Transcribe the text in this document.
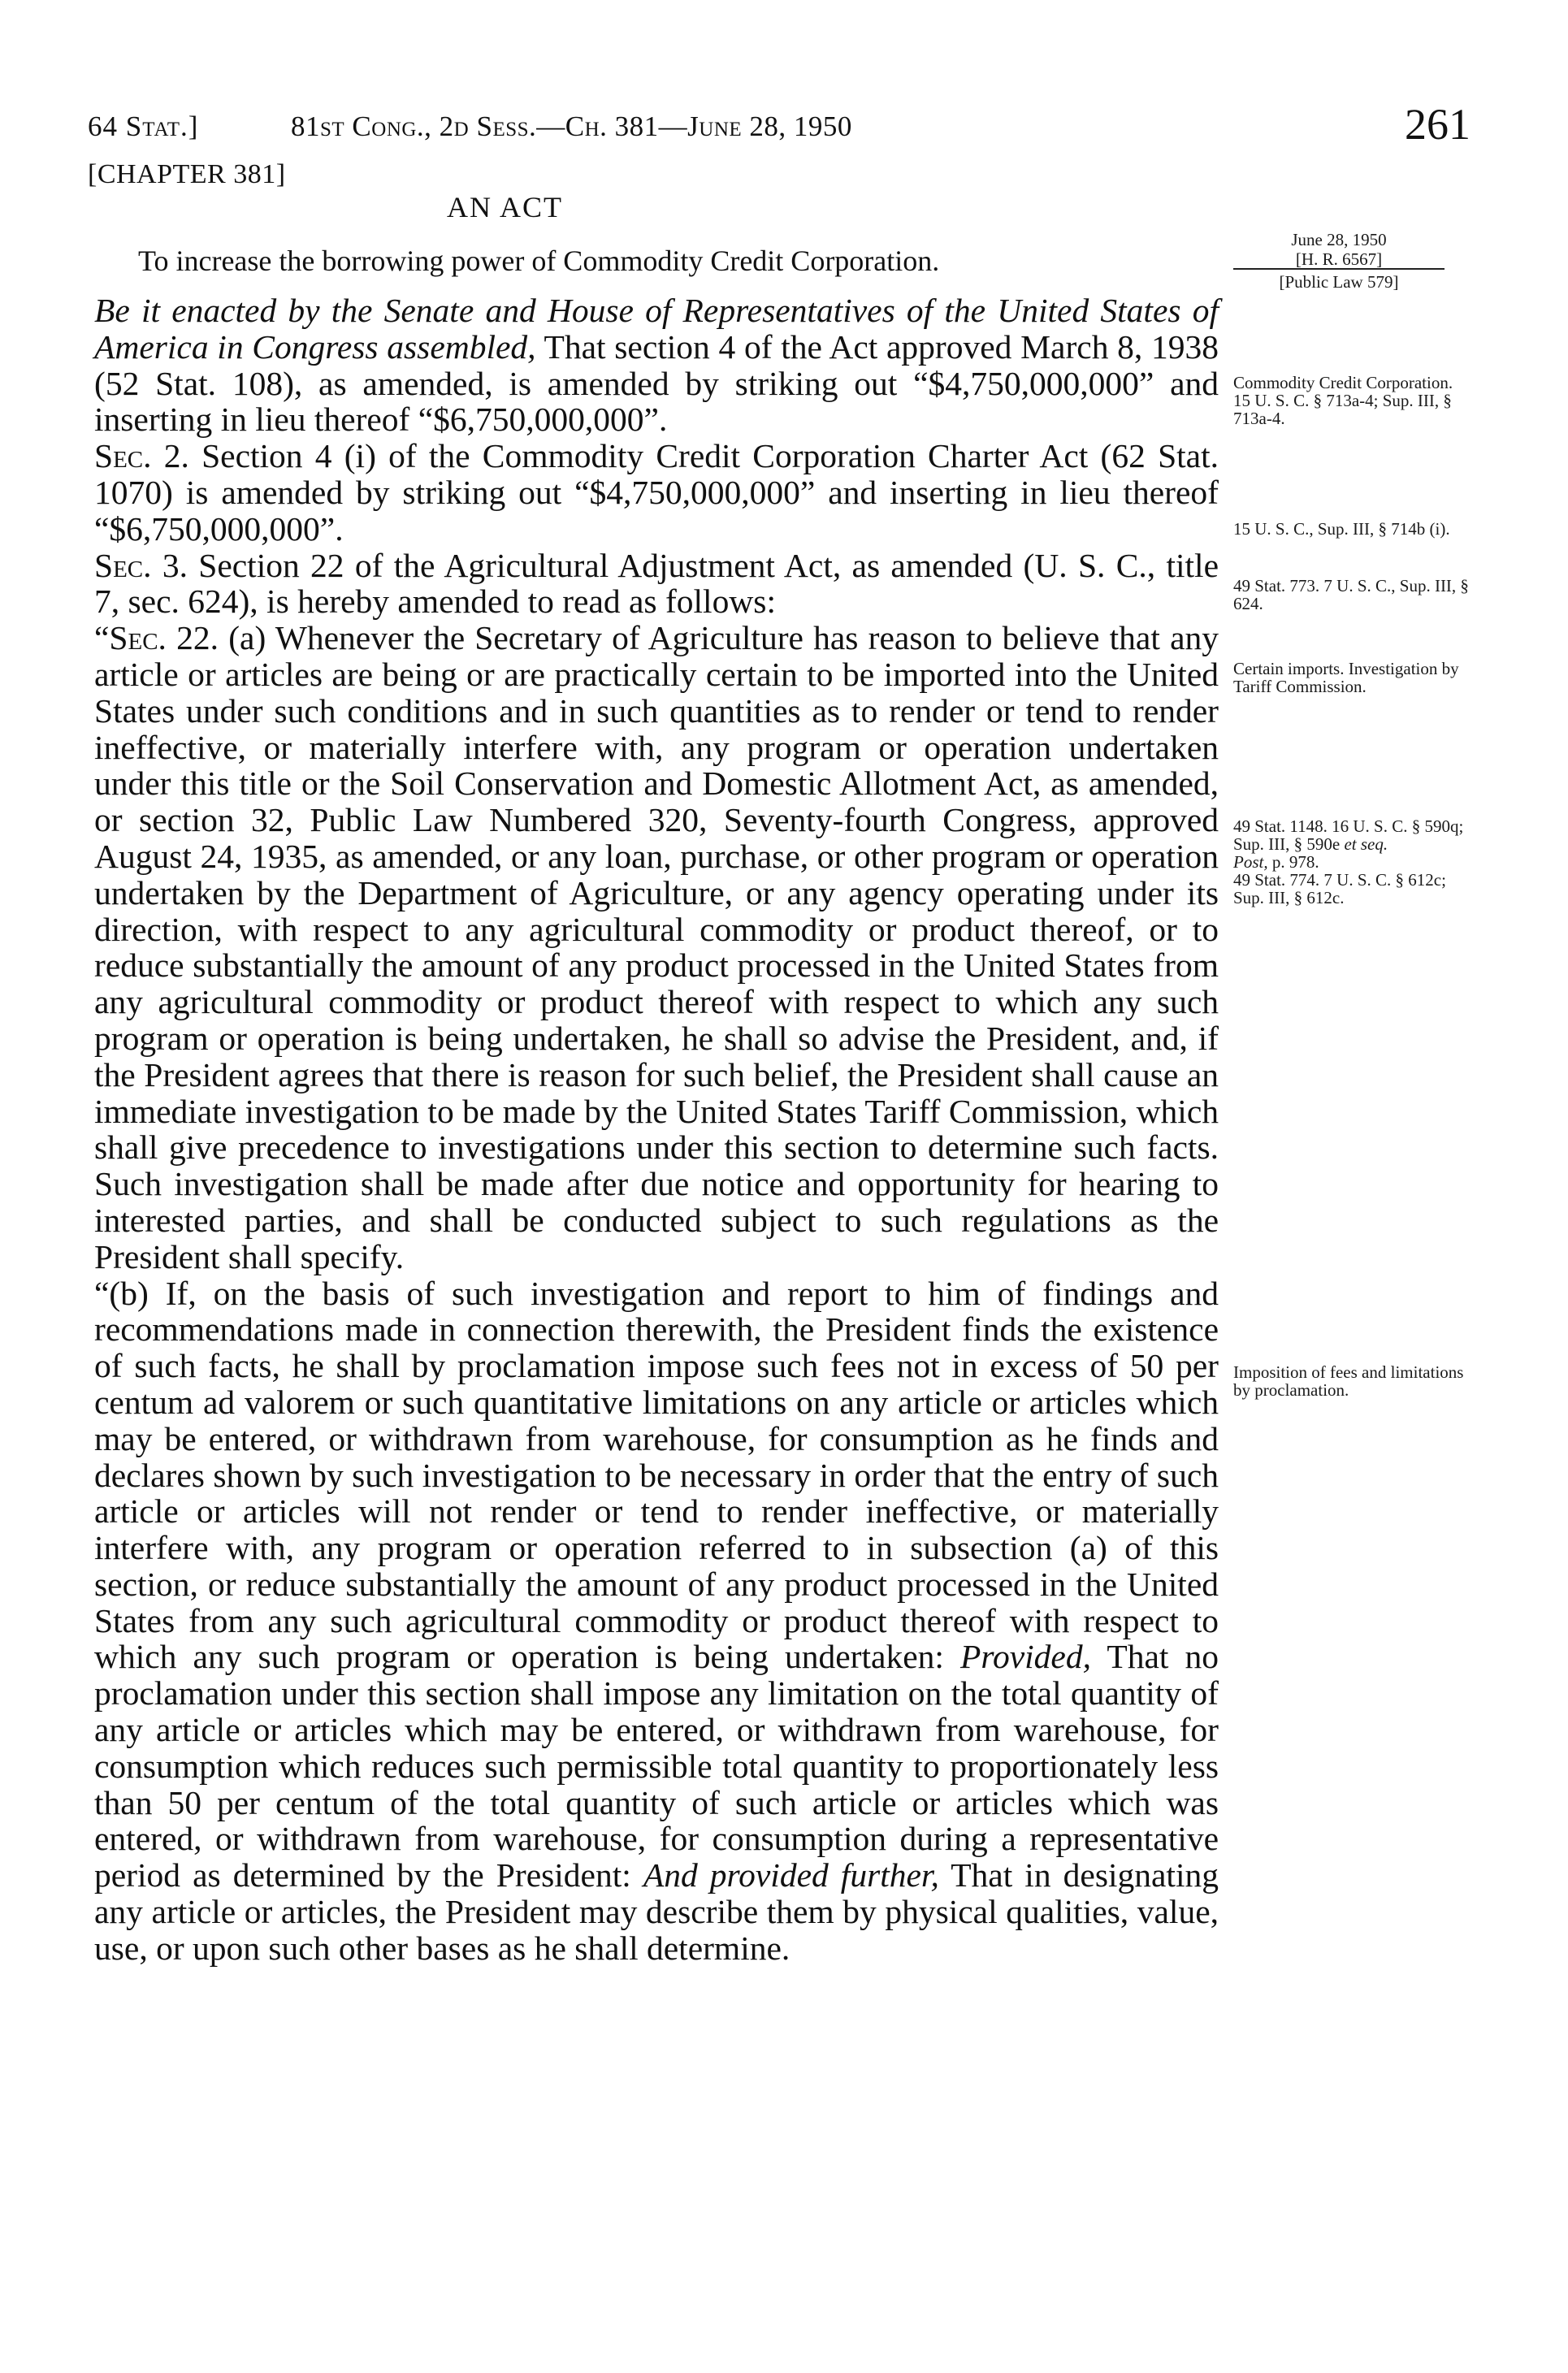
64 Stat.]	81st Cong., 2d Sess.—Ch. 381—June 28, 1950	261
[CHAPTER 381]
AN ACT
To increase the borrowing power of Commodity Credit Corporation.

Be it enacted by the Senate and House of Representatives of the United States of America in Congress assembled, That section 4 of the Act approved March 8, 1938 (52 Stat. 108), as amended, is amended by striking out “$4,750,000,000” and inserting in lieu thereof “$6,750,000,000”.

Sec. 2. Section 4 (i) of the Commodity Credit Corporation Charter Act (62 Stat. 1070) is amended by striking out “$4,750,000,000” and inserting in lieu thereof “$6,750,000,000”.

Sec. 3. Section 22 of the Agricultural Adjustment Act, as amended (U. S. C., title 7, sec. 624), is hereby amended to read as follows:

“Sec. 22. (a) Whenever the Secretary of Agriculture has reason to believe that any article or articles are being or are practically certain to be imported into the United States under such conditions and in such quantities as to render or tend to render ineffective, or materially interfere with, any program or operation undertaken under this title or the Soil Conservation and Domestic Allotment Act, as amended, or section 32, Public Law Numbered 320, Seventy-fourth Congress, approved August 24, 1935, as amended, or any loan, purchase, or other program or operation undertaken by the Department of Agriculture, or any agency operating under its direction, with respect to any agricultural commodity or product thereof, or to reduce substantially the amount of any product processed in the United States from any agricultural commodity or product thereof with respect to which any such program or operation is being undertaken, he shall so advise the President, and, if the President agrees that there is reason for such belief, the President shall cause an immediate investigation to be made by the United States Tariff Commission, which shall give precedence to investigations under this section to determine such facts. Such investigation shall be made after due notice and opportunity for hearing to interested parties, and shall be conducted subject to such regulations as the President shall specify.

“(b) If, on the basis of such investigation and report to him of findings and recommendations made in connection therewith, the President finds the existence of such facts, he shall by proclamation impose such fees not in excess of 50 per centum ad valorem or such quantitative limitations on any article or articles which may be entered, or withdrawn from warehouse, for consumption as he finds and declares shown by such investigation to be necessary in order that the entry of such article or articles will not render or tend to render ineffective, or materially interfere with, any program or operation referred to in subsection (a) of this section, or reduce substantially the amount of any product processed in the United States from any such agricultural commodity or product thereof with respect to which any such program or operation is being undertaken: Provided, That no proclamation under this section shall impose any limitation on the total quantity of any article or articles which may be entered, or withdrawn from warehouse, for consumption which reduces such permissible total quantity to proportionately less than 50 per centum of the total quantity of such article or articles which was entered, or withdrawn from warehouse, for consumption during a representative period as determined by the President: And provided further, That in designating any article or articles, the President may describe them by physical qualities, value, use, or upon such other bases as he shall determine.

June 28, 1950
[H. R. 6567]
[Public Law 579]
Commodity Credit Corporation.
15 U. S. C. § 713a-4; Sup. III, § 713a-4.
15 U. S. C., Sup. III, § 714b (i).
49 Stat. 773. 7 U. S. C., Sup. III, § 624.
Certain imports. Investigation by Tariff Commission.
49 Stat. 1148. 16 U. S. C. § 590q; Sup. III, § 590e et seq.
Post, p. 978.
49 Stat. 774. 7 U. S. C. § 612c; Sup. III, § 612c.
Imposition of fees and limitations by proclamation.
